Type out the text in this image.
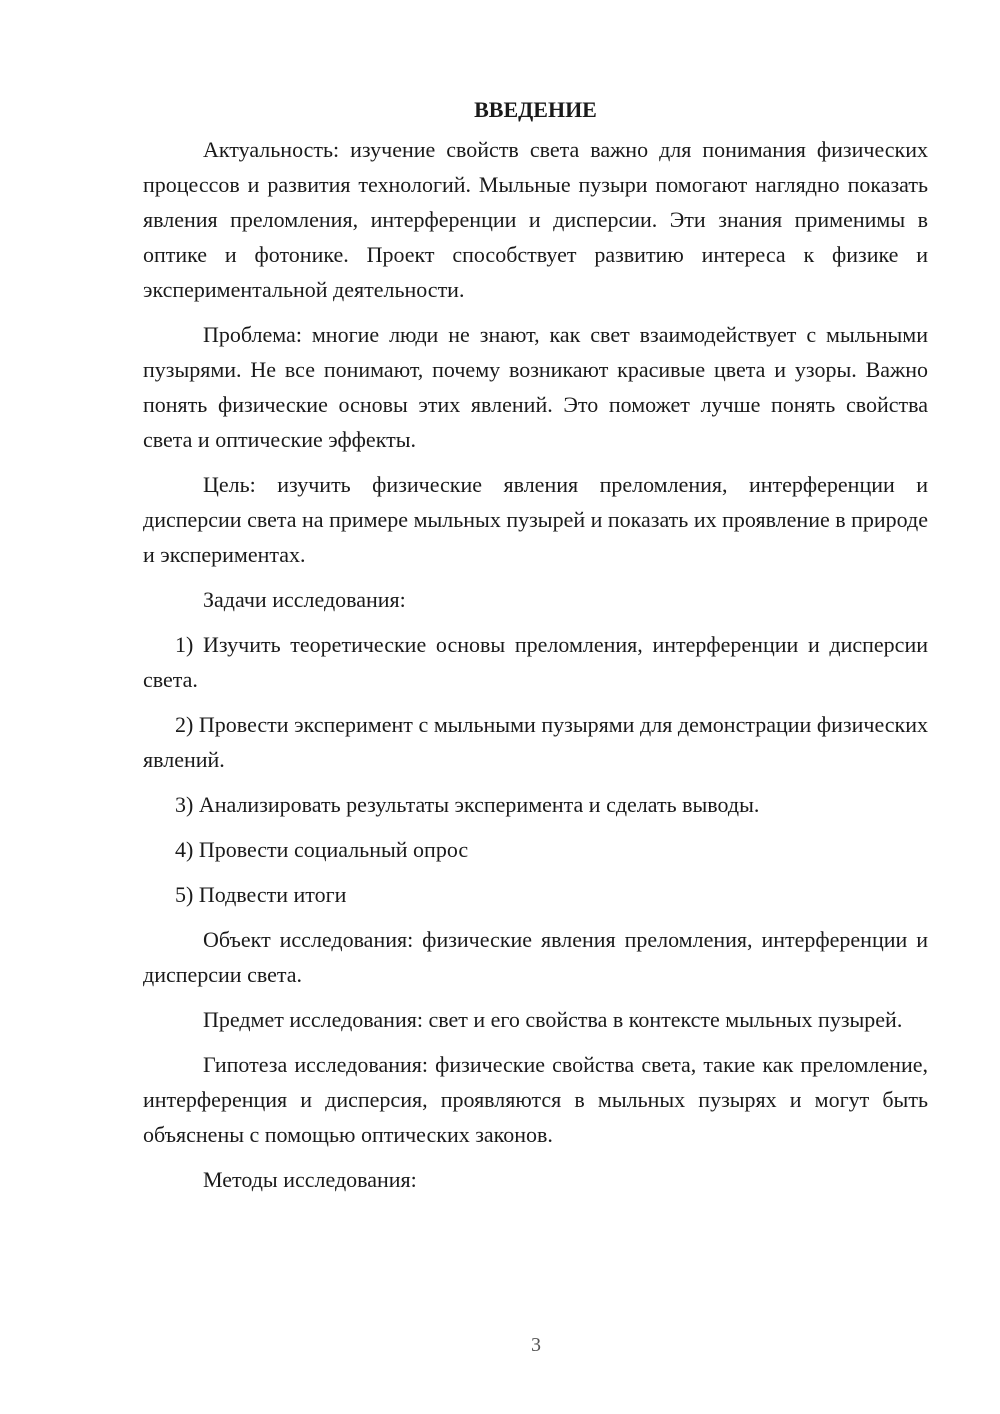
ВВЕДЕНИЕ

Актуальность: изучение свойств света важно для понимания физических процессов и развития технологий. Мыльные пузыри помогают наглядно показать явления преломления, интерференции и дисперсии. Эти знания применимы в оптике и фотонике. Проект способствует развитию интереса к физике и экспериментальной деятельности.

Проблема: многие люди не знают, как свет взаимодействует с мыльными пузырями. Не все понимают, почему возникают красивые цвета и узоры. Важно понять физические основы этих явлений. Это поможет лучше понять свойства света и оптические эффекты.

Цель: изучить физические явления преломления, интерференции и дисперсии света на примере мыльных пузырей и показать их проявление в природе и экспериментах.

Задачи исследования:

1) Изучить теоретические основы преломления, интерференции и дисперсии света.

2) Провести эксперимент с мыльными пузырями для демонстрации физических явлений.

3) Анализировать результаты эксперимента и сделать выводы.

4) Провести социальный опрос

5) Подвести итоги

Объект исследования: физические явления преломления, интерференции и дисперсии света.

Предмет исследования: свет и его свойства в контексте мыльных пузырей.

Гипотеза исследования: физические свойства света, такие как преломление, интерференция и дисперсия, проявляются в мыльных пузырях и могут быть объяснены с помощью оптических законов.

Методы исследования:

3
